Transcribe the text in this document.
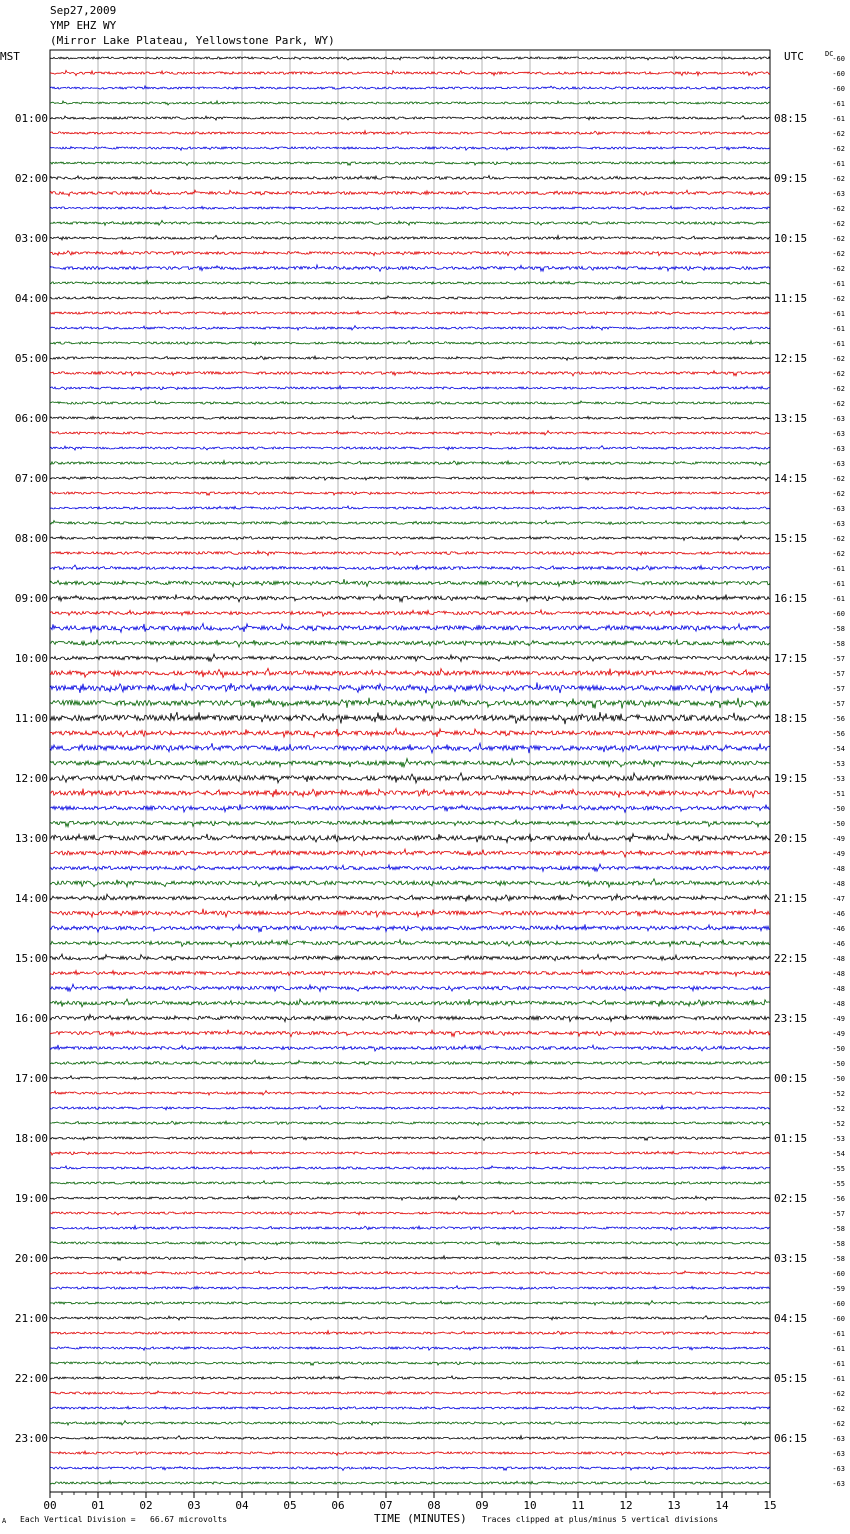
Sep27,2009
YMP EHZ WY
(Mirror Lake Plateau, Yellowstone Park, WY)
MST	UTC	DC
00	01	02	03	04	05	06	07	08	09	10	11	12	13	14	15
-60
-60
-60
-61
-61
-62
-62
-61
-62
-63
-62
-62
-62
-62
-62
-61
-62
-61
-61
-61
-62
-62
-62
-62
-63
-63
-63
-63
-62
-62
-63
-63
-62
-62
-61
-61
-61
-60
-58
-58
-57
-57
-57
-57
-56
-56
-54
-53
-53
-51
-50
-50
-49
-49
-48
-48
-47
-46
-46
-46
-48
-48
-48
-48
-49
-49
-50
-50
-50
-52
-52
-52
-53
-54
-55
-55
-56
-57
-58
-58
-58
-60
-59
-60
-60
-61
-61
-61
-61
-62
-62
-62
-63
-63
-63
-63
01:00
02:00
03:00
04:00
05:00
06:00
07:00
08:00
09:00
10:00
11:00
12:00
13:00
14:00
15:00
16:00
17:00
18:00
19:00
20:00
21:00
22:00
23:00
08:15
09:15
10:15
11:15
12:15
13:15
14:15
15:15
16:15
17:15
18:15
19:15
20:15
21:15
22:15
23:15
00:15
01:15
02:15
03:15
04:15
05:15
06:15
A Each Vertical Division =   66.67 microvolts	TIME (MINUTES) Traces clipped at plus/minus 5 vertical divisions
